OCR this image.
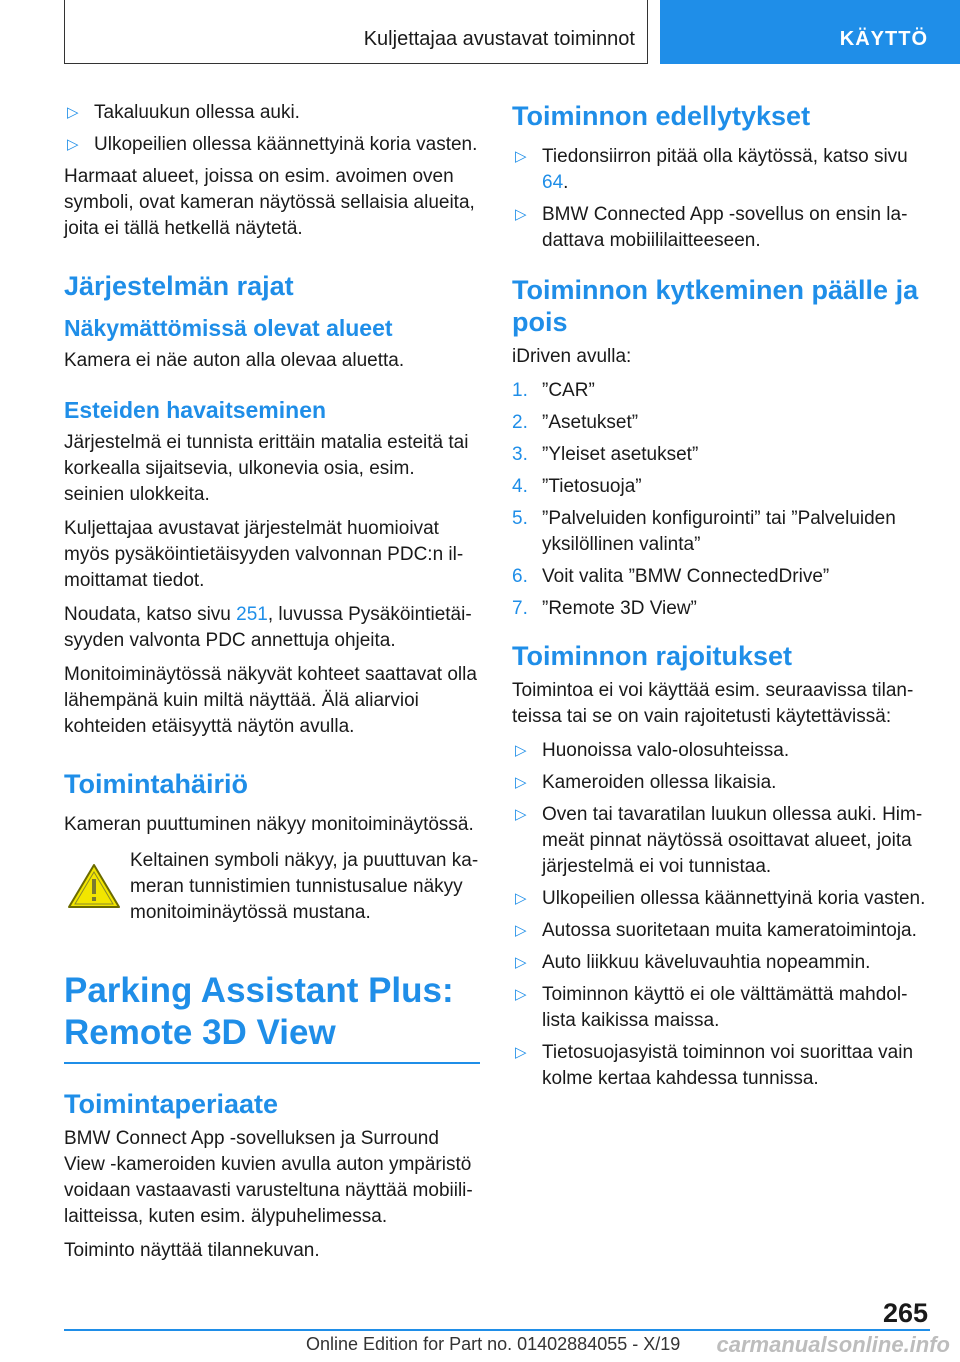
Kuljettajaa avustavat toiminnot	KÄYTTÖ
▷ Takaluukun ollessa auki.
▷ Ulkopeilien ollessa käännettyinä koria vasten.

Harmaat alueet, joissa on esim. avoimen oven symboli, ovat kameran näytössä sellaisia alueita, joita ei tällä hetkellä näytetä.

Järjestelmän rajat
Näkymättömissä olevat alueet

Kamera ei näe auton alla olevaa aluetta.

Esteiden havaitseminen

Järjestelmä ei tunnista erittäin matalia esteitä tai korkealla sijaitsevia, ulkonevia osia, esim. seinien ulokkeita.

Kuljettajaa avustavat järjestelmät huomioivat myös pysäköintietäisyyden valvonnan PDC:n ilmoittamat tiedot.

Noudata, katso sivu 251, luvussa Pysäköintietäisyyden valvonta PDC annettuja ohjeita.

Monitoiminäytössä näkyvät kohteet saattavat olla lähempänä kuin miltä näyttää. Älä aliarvioi kohteiden etäisyyttä näytön avulla.

Toimintahäiriö

Kameran puuttuminen näkyy monitoiminäytössä.

Keltainen symboli näkyy, ja puuttuvan kameran tunnistimien tunnistusalue näkyy monitoiminäytössä mustana.

Parking Assistant Plus: Remote 3D View
Toimintaperiaate

BMW Connect App -sovelluksen ja Surround View -kameroiden kuvien avulla auton ympäristö voidaan vastaavasti varusteltuna näyttää mobiililaitteissa, kuten esim. älypuhelimessa.

Toiminto näyttää tilannekuvan.

Toiminnon edellytykset
▷ Tiedonsiirron pitää olla käytössä, katso sivu 64.
▷ BMW Connected App -sovellus on ensin ladattava mobiililaitteeseen.
Toiminnon kytkeminen päälle ja pois

iDriven avulla:

1. ”CAR”
2. ”Asetukset”
3. ”Yleiset asetukset”
4. ”Tietosuoja”
5. ”Palveluiden konfigurointi” tai ”Palveluiden yksilöllinen valinta”
6. Voit valita ”BMW ConnectedDrive”
7. ”Remote 3D View”
Toiminnon rajoitukset

Toimintoa ei voi käyttää esim. seuraavissa tilanteissa tai se on vain rajoitetusti käytettävissä:

▷ Huonoissa valo-olosuhteissa.
▷ Kameroiden ollessa likaisia.
▷ Oven tai tavaratilan luukun ollessa auki. Himmeät pinnat näytössä osoittavat alueet, joita järjestelmä ei voi tunnistaa.
▷ Ulkopeilien ollessa käännettyinä koria vasten.
▷ Autossa suoritetaan muita kameratoimintoja.
▷ Auto liikkuu käveluvauhtia nopeammin.
▷ Toiminnon käyttö ei ole välttämättä mahdollista kaikissa maissa.
▷ Tietosuojasyistä toiminnon voi suorittaa vain kolme kertaa kahdessa tunnissa.
265
Online Edition for Part no. 01402884055 - X/19 carmanualsonline.info
